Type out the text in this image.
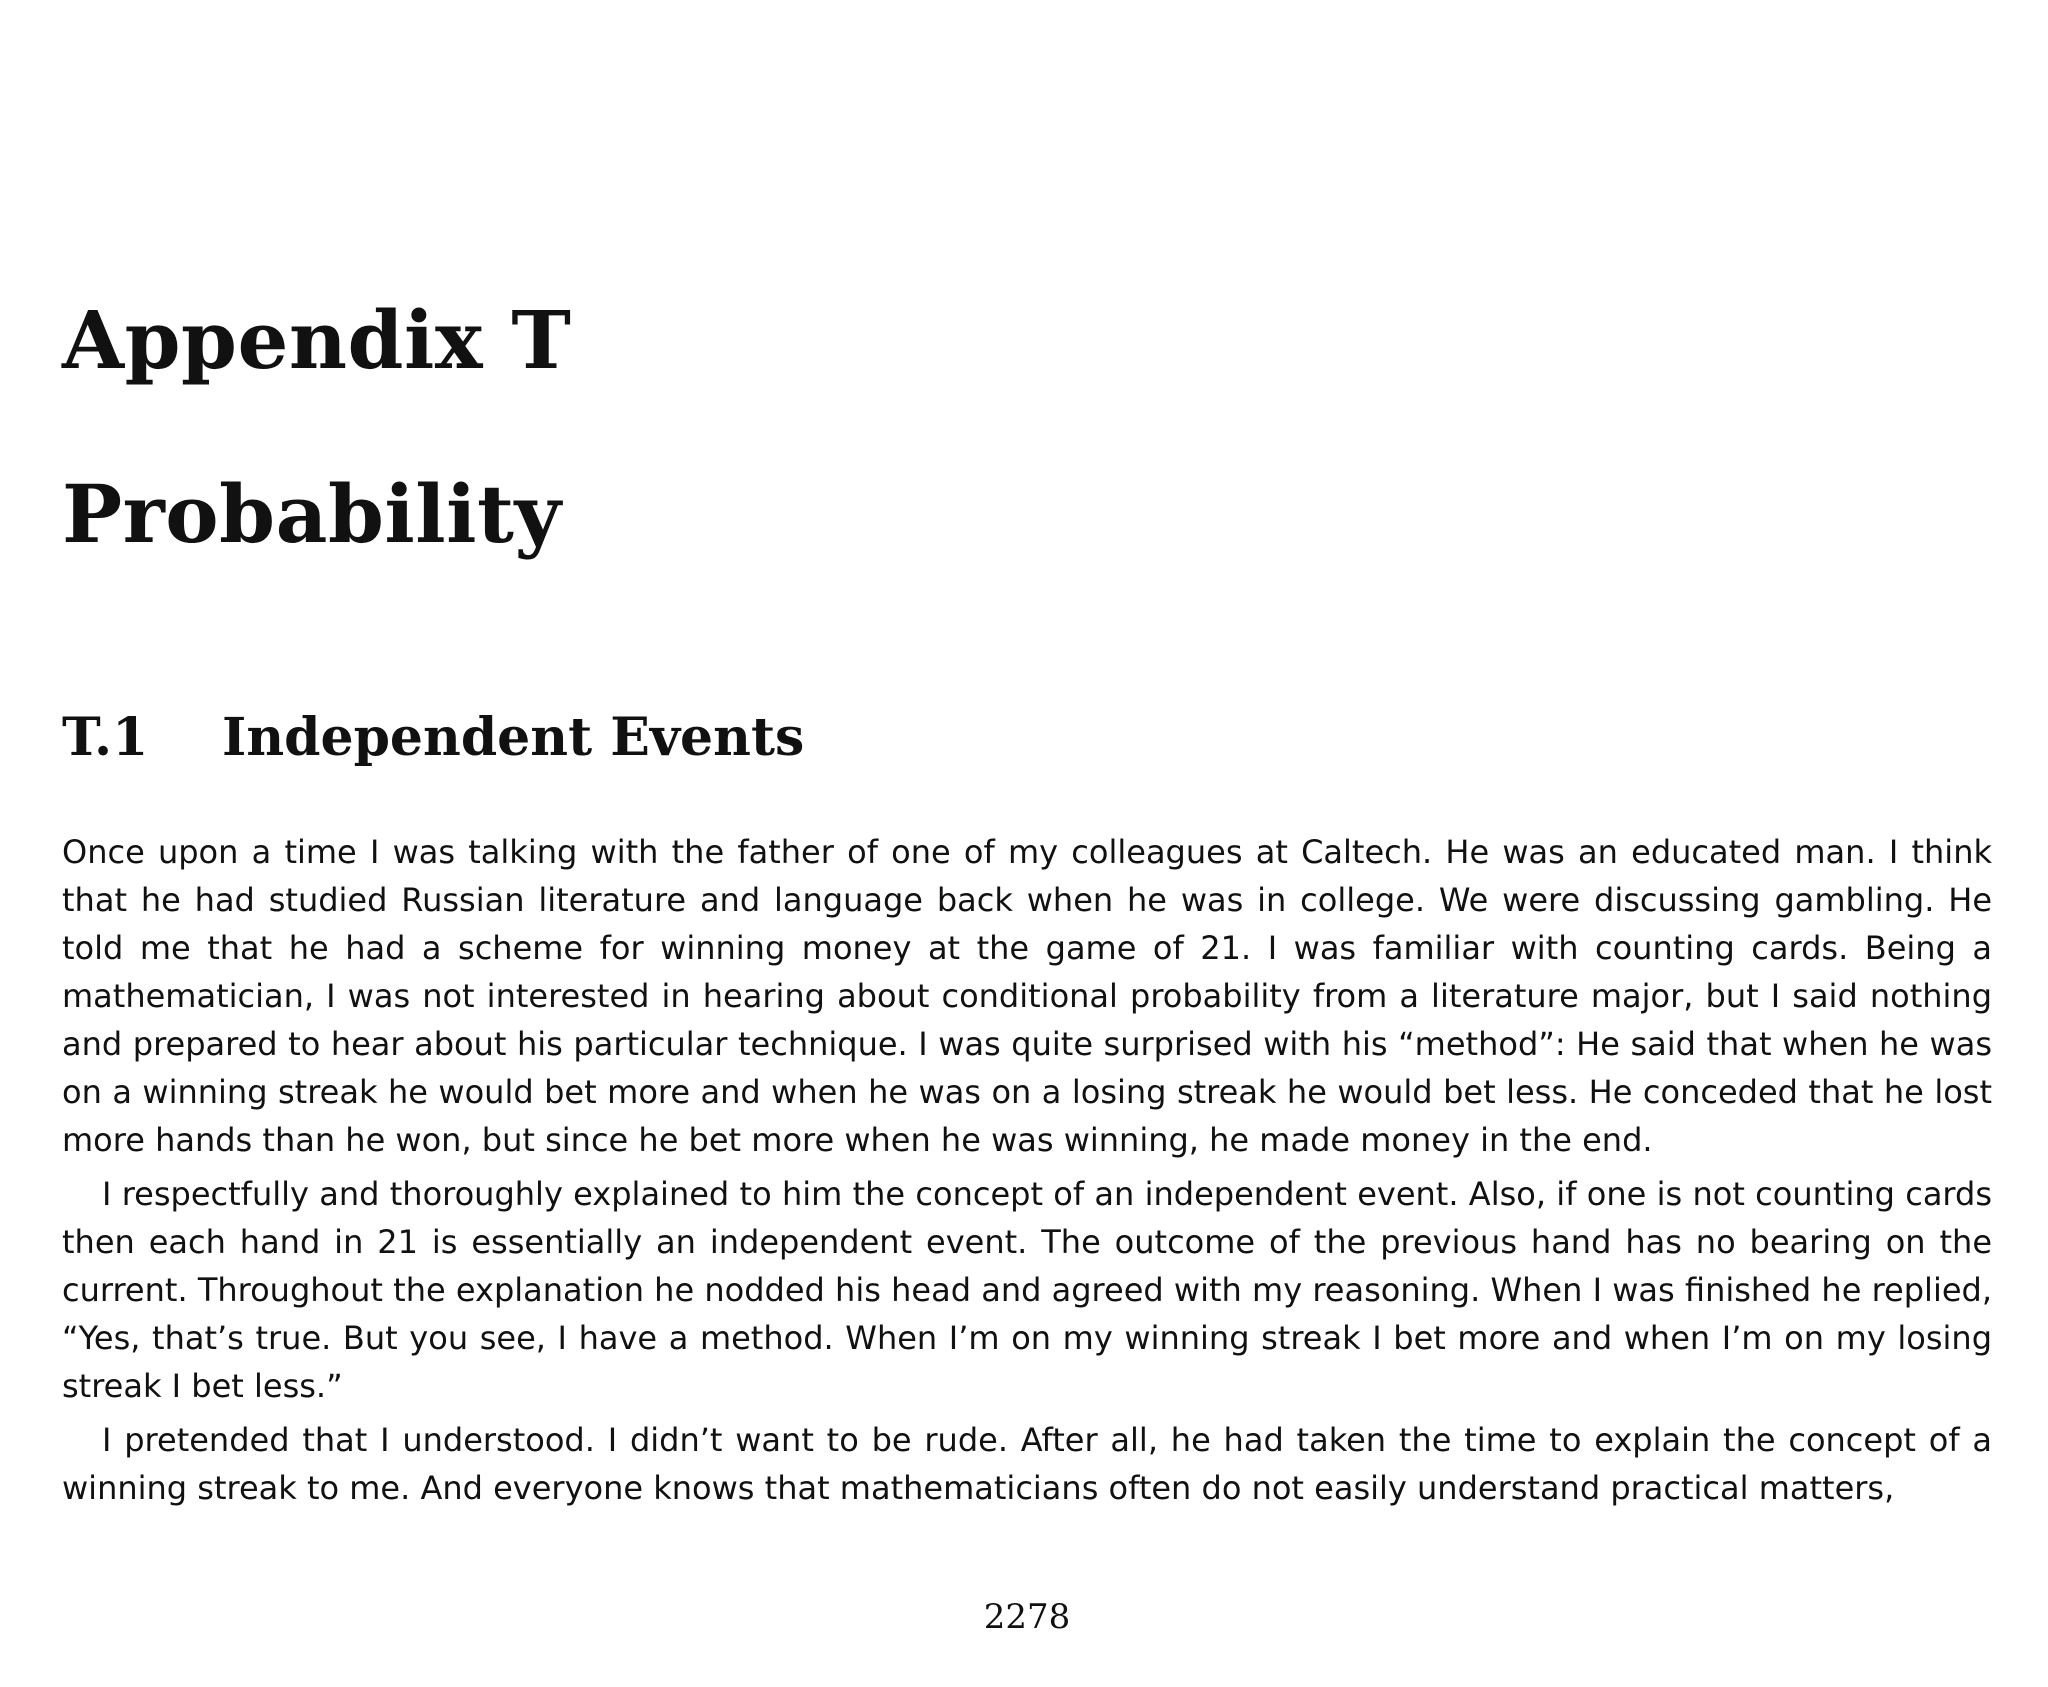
Appendix T
Probability
T.1 Independent Events

Once upon a time I was talking with the father of one of my colleagues at Caltech. He was an educated man. I think that he had studied Russian literature and language back when he was in college. We were discussing gambling. He told me that he had a scheme for winning money at the game of 21. I was familiar with counting cards. Being a mathematician, I was not interested in hearing about conditional probability from a literature major, but I said nothing and prepared to hear about his particular technique. I was quite surprised with his “method”: He said that when he was on a winning streak he would bet more and when he was on a losing streak he would bet less. He conceded that he lost more hands than he won, but since he bet more when he was winning, he made money in the end.

I respectfully and thoroughly explained to him the concept of an independent event. Also, if one is not counting cards then each hand in 21 is essentially an independent event. The outcome of the previous hand has no bearing on the current. Throughout the explanation he nodded his head and agreed with my reasoning. When I was finished he replied, “Yes, that’s true. But you see, I have a method. When I’m on my winning streak I bet more and when I’m on my losing streak I bet less.”

I pretended that I understood. I didn’t want to be rude. After all, he had taken the time to explain the concept of a winning streak to me. And everyone knows that mathematicians often do not easily understand practical matters,

2278
